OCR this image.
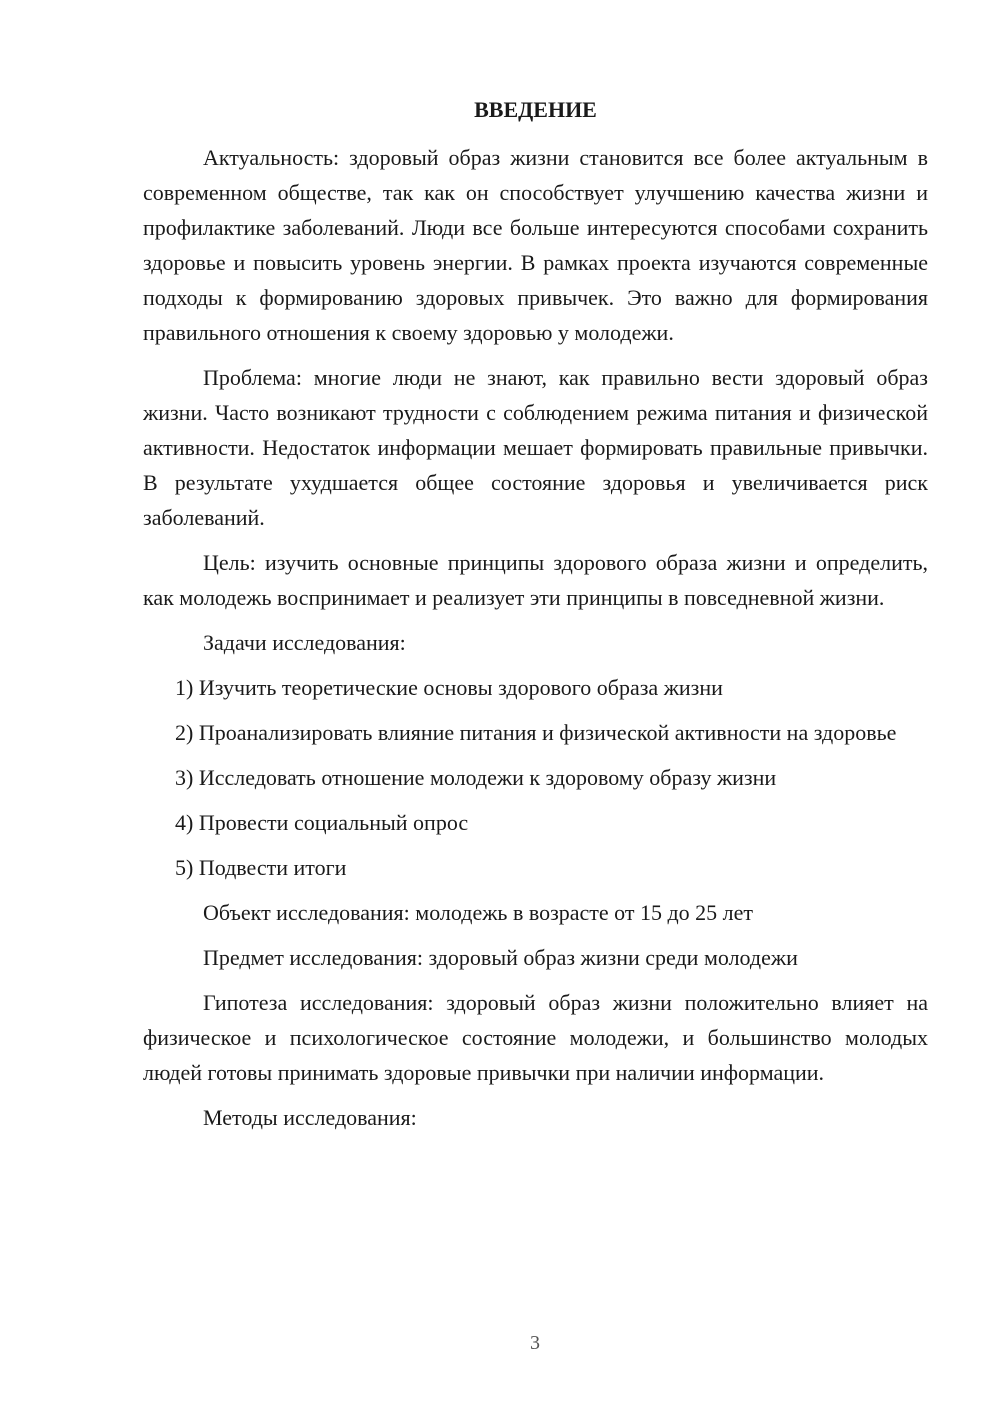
ВВЕДЕНИЕ

Актуальность: здоровый образ жизни становится все более актуальным в современном обществе, так как он способствует улучшению качества жизни и профилактике заболеваний. Люди все больше интересуются способами сохранить здоровье и повысить уровень энергии. В рамках проекта изучаются современные подходы к формированию здоровых привычек. Это важно для формирования правильного отношения к своему здоровью у молодежи.

Проблема: многие люди не знают, как правильно вести здоровый образ жизни. Часто возникают трудности с соблюдением режима питания и физической активности. Недостаток информации мешает формировать правильные привычки. В результате ухудшается общее состояние здоровья и увеличивается риск заболеваний.

Цель: изучить основные принципы здорового образа жизни и определить, как молодежь воспринимает и реализует эти принципы в повседневной жизни.

Задачи исследования:

1) Изучить теоретические основы здорового образа жизни

2) Проанализировать влияние питания и физической активности на здоровье

3) Исследовать отношение молодежи к здоровому образу жизни

4) Провести социальный опрос

5) Подвести итоги

Объект исследования: молодежь в возрасте от 15 до 25 лет

Предмет исследования: здоровый образ жизни среди молодежи

Гипотеза исследования: здоровый образ жизни положительно влияет на физическое и психологическое состояние молодежи, и большинство молодых людей готовы принимать здоровые привычки при наличии информации.

Методы исследования:

3
